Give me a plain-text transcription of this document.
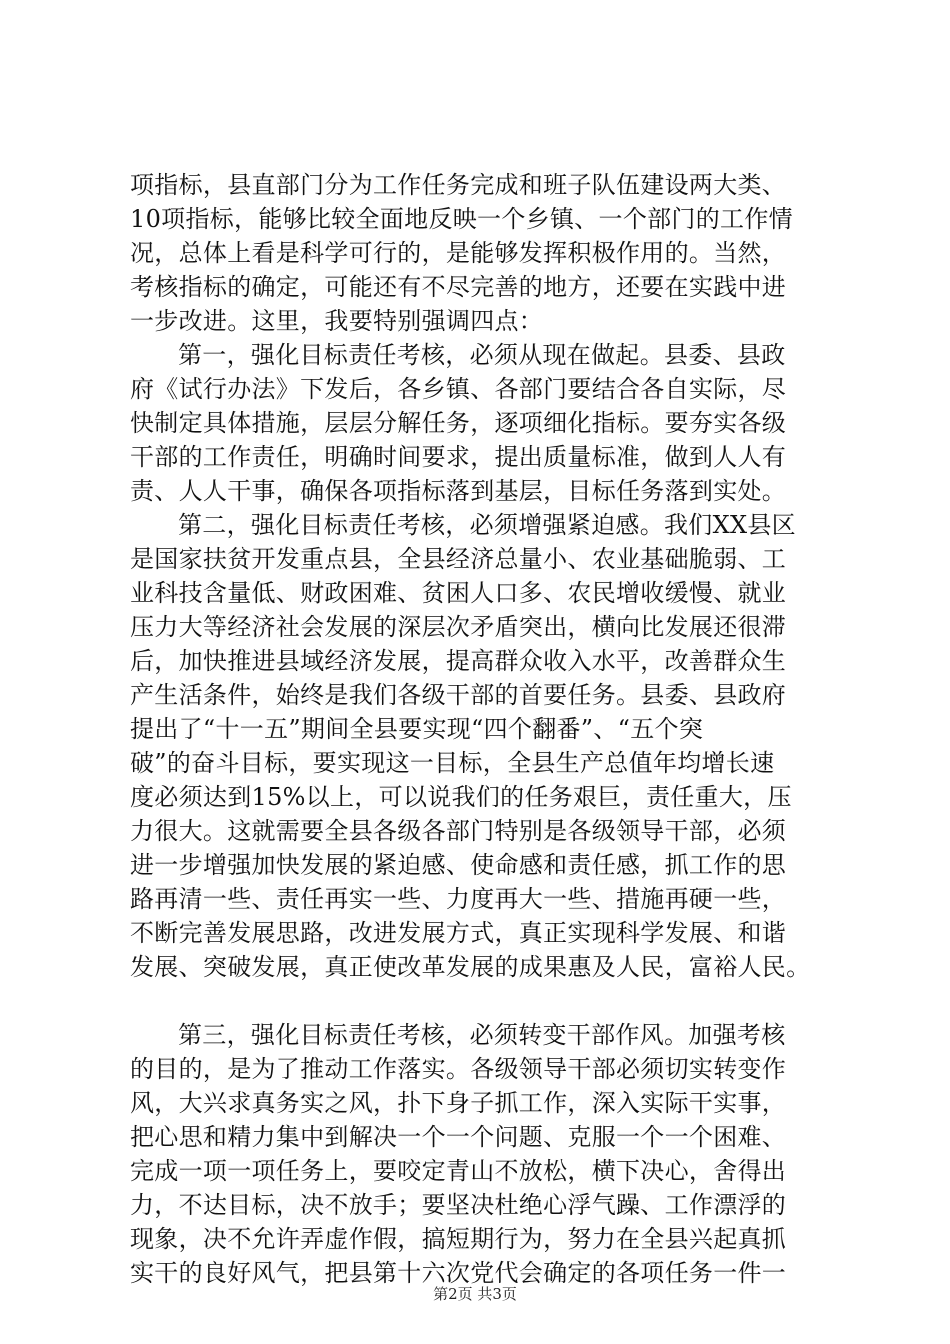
项指标，县直部门分为工作任务完成和班子队伍建设两大类、
10项指标，能够比较全面地反映一个乡镇、一个部门的工作情
况，总体上看是科学可行的，是能够发挥积极作用的。当然，
考核指标的确定，可能还有不尽完善的地方，还要在实践中进
一步改进。这里，我要特别强调四点：
第一，强化目标责任考核，必须从现在做起。县委、县政
府《试行办法》下发后，各乡镇、各部门要结合各自实际，尽
快制定具体措施，层层分解任务，逐项细化指标。要夯实各级
干部的工作责任，明确时间要求，提出质量标准，做到人人有
责、人人干事，确保各项指标落到基层，目标任务落到实处。
第二，强化目标责任考核，必须增强紧迫感。我们XX县区
是国家扶贫开发重点县，全县经济总量小、农业基础脆弱、工
业科技含量低、财政困难、贫困人口多、农民增收缓慢、就业
压力大等经济社会发展的深层次矛盾突出，横向比发展还很滞
后，加快推进县域经济发展，提高群众收入水平，改善群众生
产生活条件，始终是我们各级干部的首要任务。县委、县政府
提出了“十一五”期间全县要实现“四个翻番”、“五个突
破”的奋斗目标，要实现这一目标，全县生产总值年均增长速
度必须达到15%以上，可以说我们的任务艰巨，责任重大，压
力很大。这就需要全县各级各部门特别是各级领导干部，必须
进一步增强加快发展的紧迫感、使命感和责任感，抓工作的思
路再清一些、责任再实一些、力度再大一些、措施再硬一些，
不断完善发展思路，改进发展方式，真正实现科学发展、和谐
发展、突破发展，真正使改革发展的成果惠及人民，富裕人民。
第三，强化目标责任考核，必须转变干部作风。加强考核
的目的，是为了推动工作落实。各级领导干部必须切实转变作
风，大兴求真务实之风，扑下身子抓工作，深入实际干实事，
把心思和精力集中到解决一个一个问题、克服一个一个困难、
完成一项一项任务上，要咬定青山不放松，横下决心，舍得出
力，不达目标，决不放手；要坚决杜绝心浮气躁、工作漂浮的
现象，决不允许弄虚作假，搞短期行为，努力在全县兴起真抓
实干的良好风气，把县第十六次党代会确定的各项任务一件一
第2页 共3页
